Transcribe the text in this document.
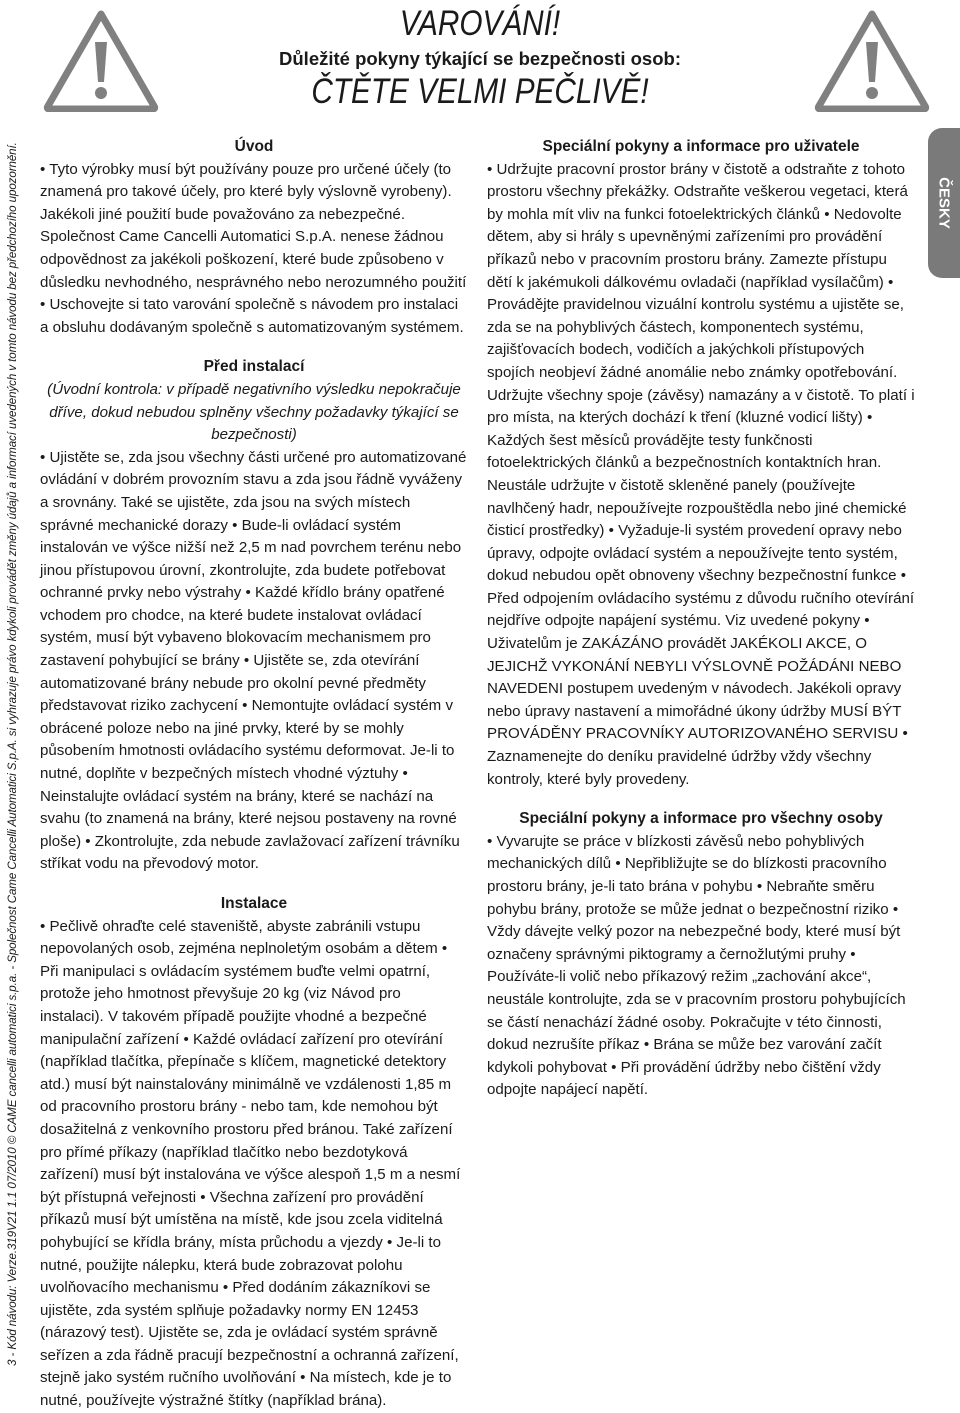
3 - Kód návodu: Verze.319V21 1.1 07/2010 © CAME cancelli automatici s.p.a. - Společnost Came Cancelli Automatici S.p.A. si vyhrazuje právo kdykoli provádět změny údajů a informací uvedených v tomto návodu bez předchozího upozornění.
VAROVÁNÍ!
Důležité pokyny týkající se bezpečnosti osob:
ČTĚTE VELMI PEČLIVĚ!
ČESKY
Úvod

• Tyto výrobky musí být používány pouze pro určené účely (to znamená pro takové účely, pro které byly výslovně vyrobeny). Jakékoli jiné použití bude považováno za nebezpečné. Společnost Came Cancelli Automatici S.p.A. nenese žádnou odpovědnost za jakékoli poškození, které bude způsobeno v důsledku nevhodného, nesprávného nebo nerozumného použití • Uschovejte si tato varování společně s návodem pro instalaci a obsluhu dodávaným společně s automatizovaným systémem.

Před instalací

(Úvodní kontrola: v případě negativního výsledku nepokračuje dříve, dokud nebudou splněny všechny požadavky týkající se bezpečnosti)

• Ujistěte se, zda jsou všechny části určené pro automatizované ovládání v dobrém provozním stavu a zda jsou řádně vyváženy a srovnány. Také se ujistěte, zda jsou na svých místech správné mechanické dorazy • Bude-li ovládací systém instalován ve výšce nižší než 2,5 m nad povrchem terénu nebo jinou přístupovou úrovní, zkontrolujte, zda budete potřebovat ochranné prvky nebo výstrahy • Každé křídlo brány opatřené vchodem pro chodce, na které budete instalovat ovládací systém, musí být vybaveno blokovacím mechanismem pro zastavení pohybující se brány • Ujistěte se, zda otevírání automatizované brány nebude pro okolní pevné předměty představovat riziko zachycení • Nemontujte ovládací systém v obrácené poloze nebo na jiné prvky, které by se mohly působením hmotnosti ovládacího systému deformovat. Je-li to nutné, doplňte v bezpečných místech vhodné výztuhy • Neinstalujte ovládací systém na brány, které se nachází na svahu (to znamená na brány, které nejsou postaveny na rovné ploše) • Zkontrolujte, zda nebude zavlažovací zařízení trávníku stříkat vodu na převodový motor.

Instalace

• Pečlivě ohraďte celé staveniště, abyste zabránili vstupu nepovolaných osob, zejména neplnoletým osobám a dětem • Při manipulaci s ovládacím systémem buďte velmi opatrní, protože jeho hmotnost převyšuje 20 kg (viz Návod pro instalaci). V takovém případě použijte vhodné a bezpečné manipulační zařízení • Každé ovládací zařízení pro otevírání (například tlačítka, přepínače s klíčem, magnetické detektory atd.) musí být nainstalovány minimálně ve vzdálenosti 1,85 m od pracovního prostoru brány - nebo tam, kde nemohou být dosažitelná z venkovního prostoru před bránou. Také zařízení pro přímé příkazy (například tlačítko nebo bezdotyková zařízení) musí být instalována ve výšce alespoň 1,5 m a nesmí být přístupná veřejnosti • Všechna zařízení pro provádění příkazů musí být umístěna na místě, kde jsou zcela viditelná pohybující se křídla brány, místa průchodu a vjezdy • Je-li to nutné, použijte nálepku, která bude zobrazovat polohu uvolňovacího mechanismu • Před dodáním zákazníkovi se ujistěte, zda systém splňuje požadavky normy EN 12453 (nárazový test). Ujistěte se, zda je ovládací systém správně seřízen a zda řádně pracují bezpečnostní a ochranná zařízení, stejně jako systém ručního uvolňování • Na místech, kde je to nutné, používejte výstražné štítky (například brána).

Speciální pokyny a informace pro uživatele

• Udržujte pracovní prostor brány v čistotě a odstraňte z tohoto prostoru všechny překážky. Odstraňte veškerou vegetaci, která by mohla mít vliv na funkci fotoelektrických článků • Nedovolte dětem, aby si hrály s upevněnými zařízeními pro provádění příkazů nebo v pracovním prostoru brány. Zamezte přístupu dětí k jakémukoli dálkovému ovladači (například vysílačům) • Provádějte pravidelnou vizuální kontrolu systému a ujistěte se, zda se na pohyblivých částech, komponentech systému, zajišťovacích bodech, vodičích a jakýchkoli přístupových spojích neobjeví žádné anomálie nebo známky opotřebování. Udržujte všechny spoje (závěsy) namazány a v čistotě. To platí i pro místa, na kterých dochází k tření (kluzné vodicí lišty) • Každých šest měsíců provádějte testy funkčnosti fotoelektrických článků a bezpečnostních kontaktních hran. Neustále udržujte v čistotě skleněné panely (používejte navlhčený hadr, nepoužívejte rozpouštědla nebo jiné chemické čisticí prostředky) • Vyžaduje-li systém provedení opravy nebo úpravy, odpojte ovládací systém a nepoužívejte tento systém, dokud nebudou opět obnoveny všechny bezpečnostní funkce • Před odpojením ovládacího systému z důvodu ručního otevírání nejdříve odpojte napájení systému. Viz uvedené pokyny • Uživatelům je ZAKÁZÁNO provádět JAKÉKOLI AKCE, O JEJICHŽ VYKONÁNÍ NEBYLI VÝSLOVNĚ POŽÁDÁNI NEBO NAVEDENI postupem uvedeným v návodech. Jakékoli opravy nebo úpravy nastavení a mimořádné úkony údržby MUSÍ BÝT PROVÁDĚNY PRACOVNÍKY AUTORIZOVANÉHO SERVISU • Zaznamenejte do deníku pravidelné údržby vždy všechny kontroly, které byly provedeny.

Speciální pokyny a informace pro všechny osoby

• Vyvarujte se práce v blízkosti závěsů nebo pohyblivých mechanických dílů • Nepřibližujte se do blízkosti pracovního prostoru brány, je-li tato brána v pohybu • Nebraňte směru pohybu brány, protože se může jednat o bezpečnostní riziko • Vždy dávejte velký pozor na nebezpečné body, které musí být označeny správnými piktogramy a černožlutými pruhy • Používáte-li volič nebo příkazový režim „zachování akce“, neustále kontrolujte, zda se v pracovním prostoru pohybujících se částí nenachází žádné osoby. Pokračujte v této činnosti, dokud nezrušíte příkaz • Brána se může bez varování začít kdykoli pohybovat • Při provádění údržby nebo čištění vždy odpojte napájecí napětí.
